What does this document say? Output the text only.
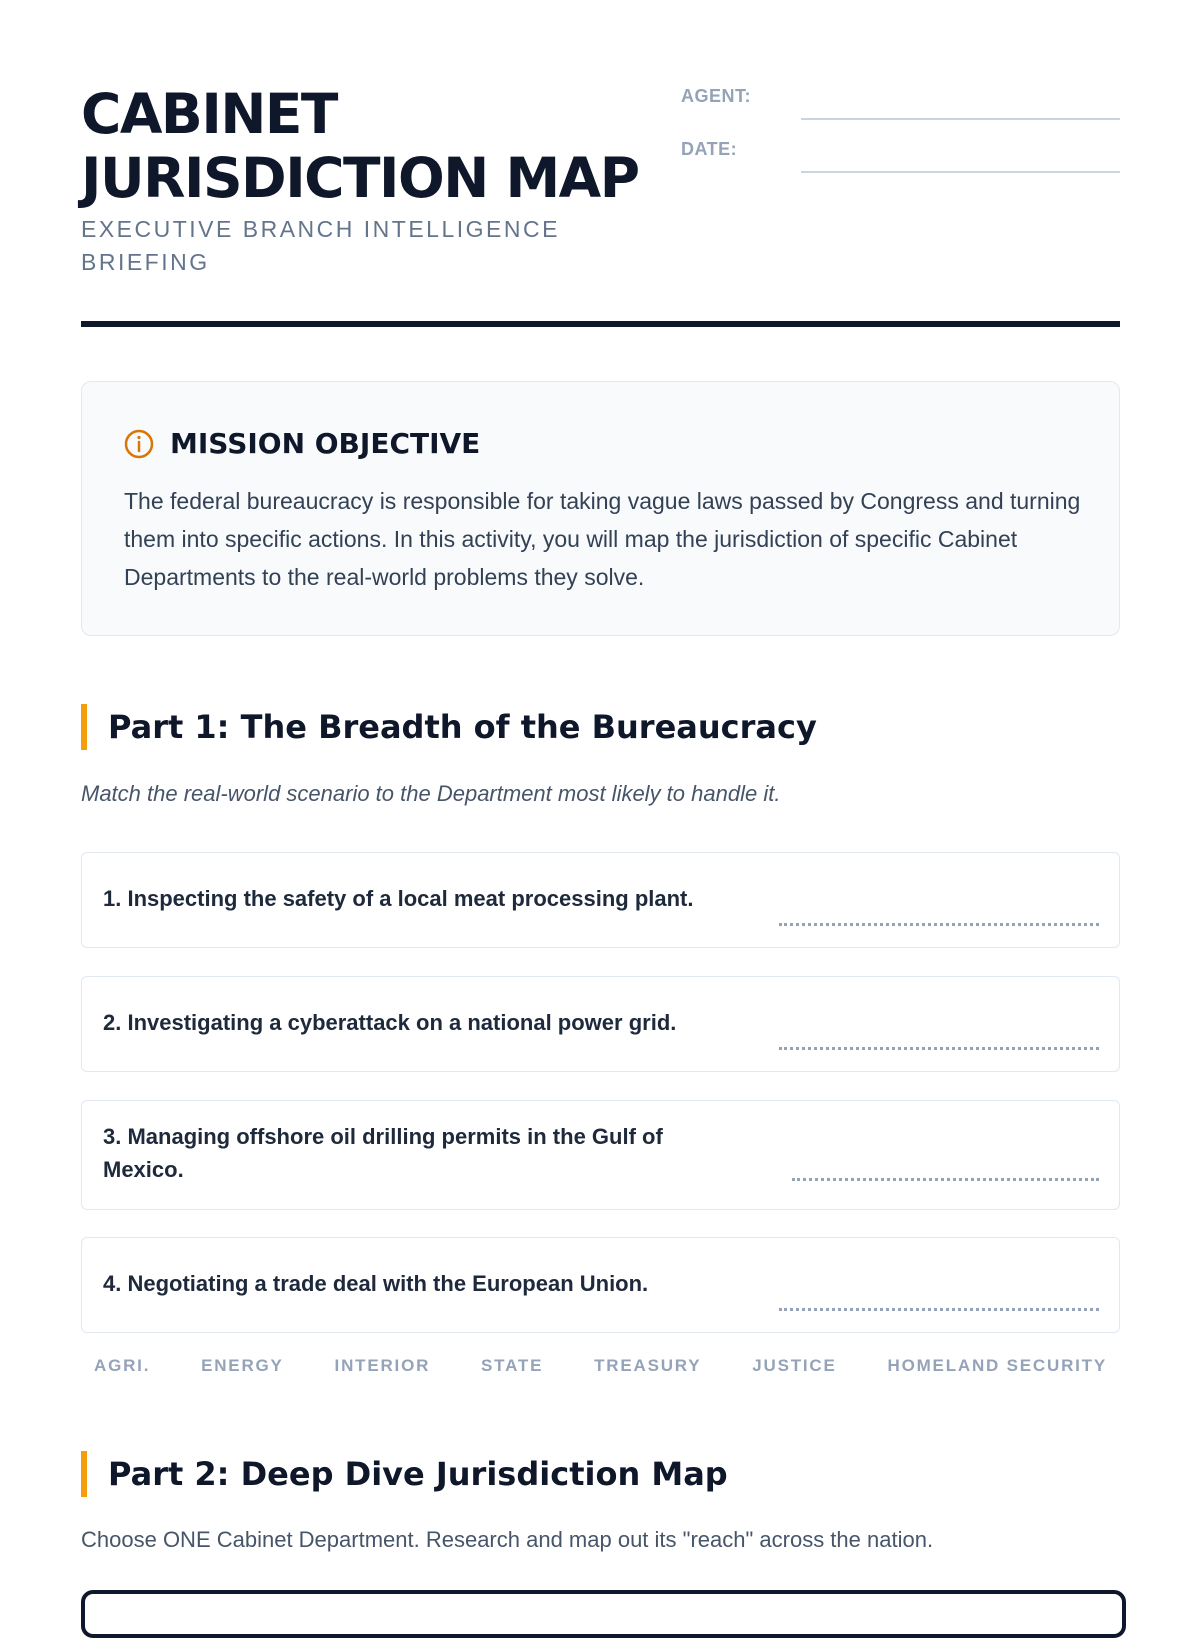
CABINET JURISDICTION MAP

EXECUTIVE BRANCH INTELLIGENCE BRIEFING

AGENT:
DATE:
MISSION OBJECTIVE

The federal bureaucracy is responsible for taking vague laws passed by Congress and turning them into specific actions. In this activity, you will map the jurisdiction of specific Cabinet Departments to the real-world problems they solve.

Part 1: The Breadth of the Bureaucracy

Match the real-world scenario to the Department most likely to handle it.

1. Inspecting the safety of a local meat processing plant.

2. Investigating a cyberattack on a national power grid.

3. Managing offshore oil drilling permits in the Gulf of Mexico.

4. Negotiating a trade deal with the European Union.

AGRI.	ENERGY	INTERIOR	STATE	TREASURY	JUSTICE	HOMELAND SECURITY
Part 2: Deep Dive Jurisdiction Map

Choose ONE Cabinet Department. Research and map out its "reach" across the nation.
